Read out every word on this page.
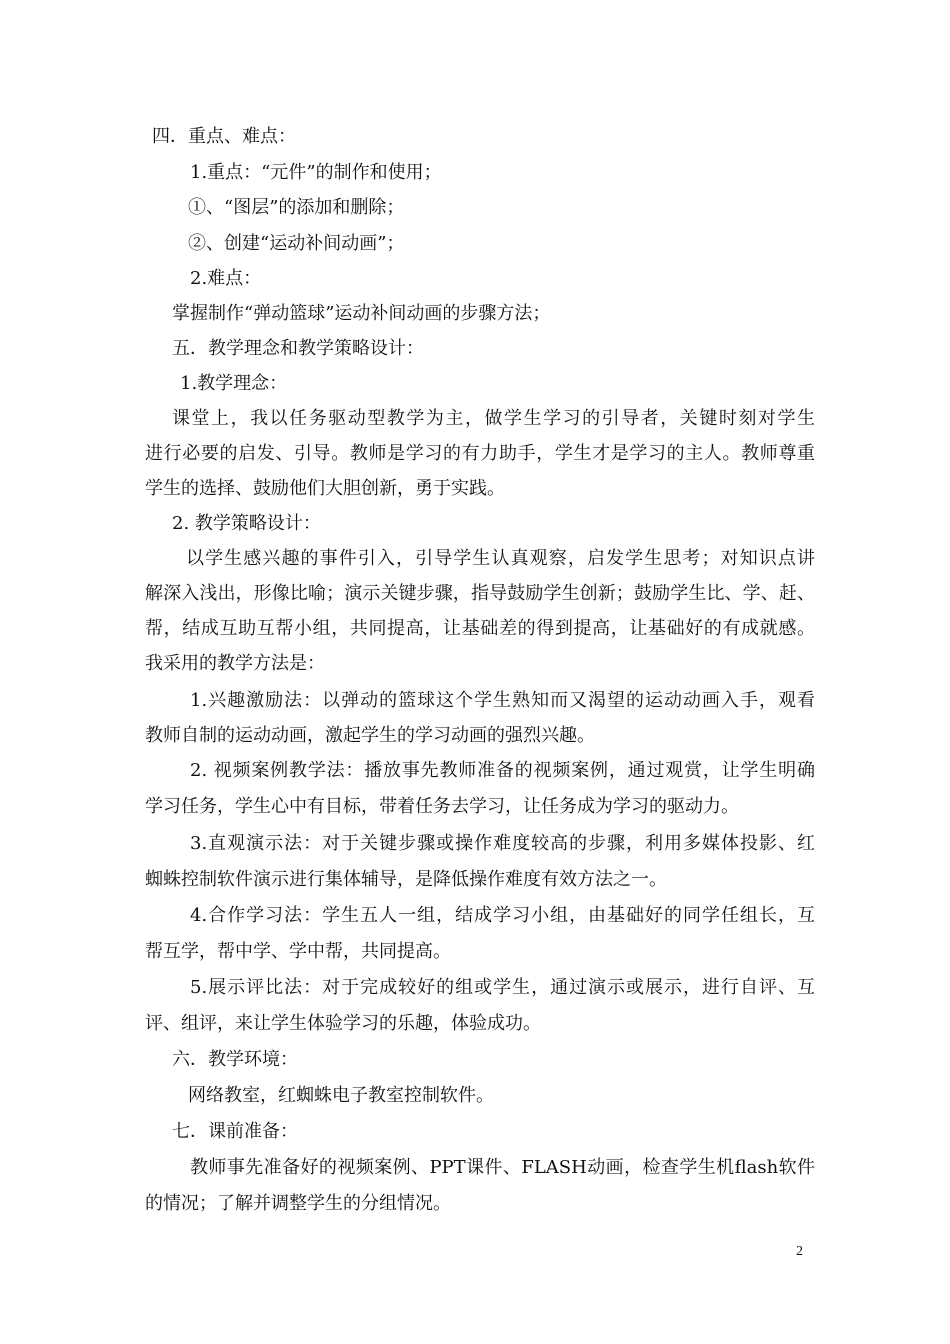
四．重点、难点：
1.重点：“元件”的制作和使用；
①、“图层”的添加和删除；
②、创建“运动补间动画”；
2.难点：
掌握制作“弹动篮球”运动补间动画的步骤方法；
五．教学理念和教学策略设计：
1.教学理念：
课堂上，我以任务驱动型教学为主，做学生学习的引导者，关键时刻对学生
进行必要的启发、引导。教师是学习的有力助手，学生才是学习的主人。教师尊重
学生的选择、鼓励他们大胆创新，勇于实践。
2. 教学策略设计：
以学生感兴趣的事件引入，引导学生认真观察，启发学生思考；对知识点讲
解深入浅出，形像比喻；演示关键步骤，指导鼓励学生创新；鼓励学生比、学、赶、
帮，结成互助互帮小组，共同提高，让基础差的得到提高，让基础好的有成就感。
我采用的教学方法是：
1.兴趣激励法：以弹动的篮球这个学生熟知而又渴望的运动动画入手，观看
教师自制的运动动画，激起学生的学习动画的强烈兴趣。
2. 视频案例教学法：播放事先教师准备的视频案例，通过观赏，让学生明确
学习任务，学生心中有目标，带着任务去学习，让任务成为学习的驱动力。
3.直观演示法：对于关键步骤或操作难度较高的步骤，利用多媒体投影、红
蜘蛛控制软件演示进行集体辅导，是降低操作难度有效方法之一。
4.合作学习法：学生五人一组，结成学习小组，由基础好的同学任组长，互
帮互学，帮中学、学中帮，共同提高。
5.展示评比法：对于完成较好的组或学生，通过演示或展示，进行自评、互
评、组评，来让学生体验学习的乐趣，体验成功。
六．教学环境：
网络教室，红蜘蛛电子教室控制软件。
七．课前准备：
教师事先准备好的视频案例、PPT课件、FLASH动画，检查学生机flash软件
的情况；了解并调整学生的分组情况。
2
